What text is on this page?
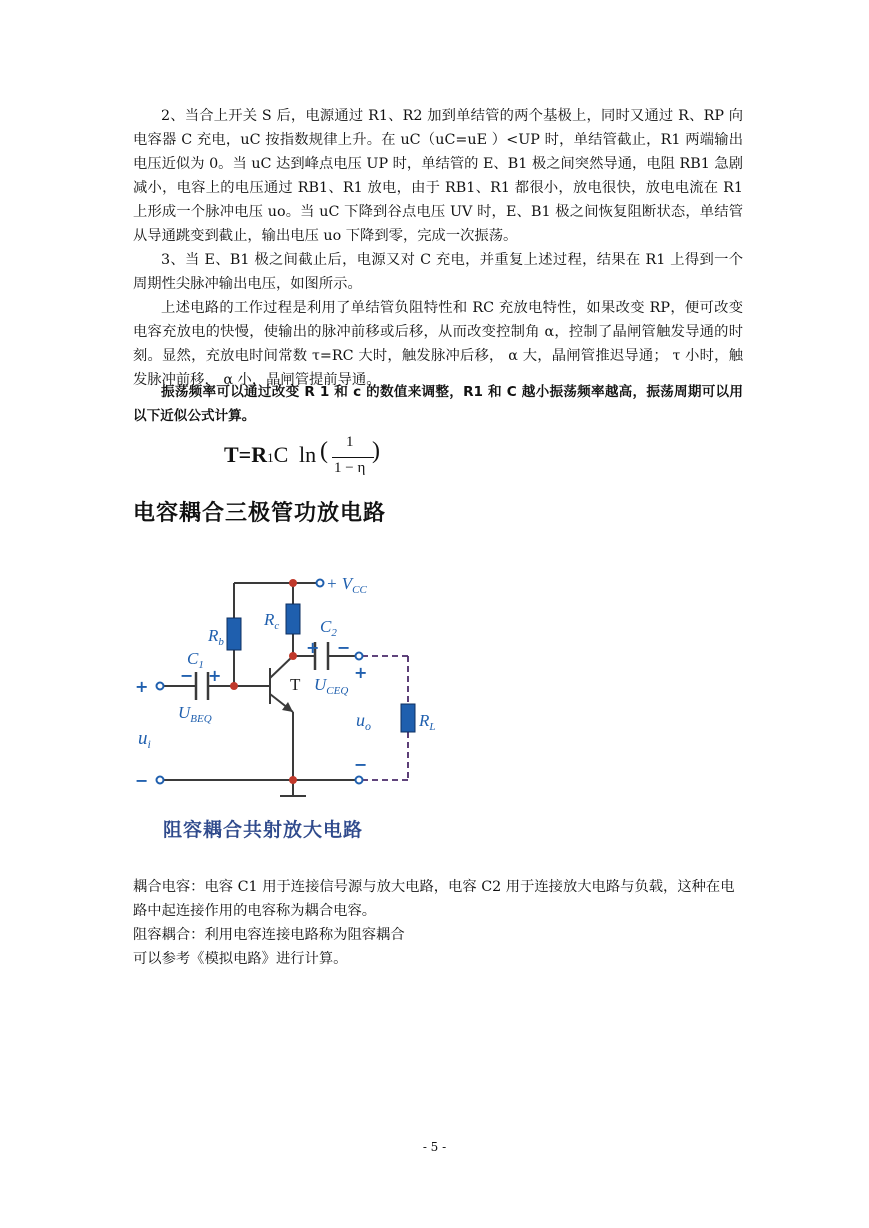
2、当合上开关 S 后，电源通过 R1、R2 加到单结管的两个基极上，同时又通过 R、RP 向电容器 C 充电，uC 按指数规律上升。在 uC（uC=uE ）<UP 时，单结管截止，R1 两端输出电压近似为 0。当 uC 达到峰点电压 UP 时，单结管的 E、B1 极之间突然导通，电阻 RB1 急剧减小，电容上的电压通过 RB1、R1 放电，由于 RB1、R1 都很小，放电很快，放电电流在 R1 上形成一个脉冲电压 uo。当 uC 下降到谷点电压 UV 时，E、B1 极之间恢复阻断状态，单结管从导通跳变到截止，输出电压 uo 下降到零，完成一次振荡。

3、当 E、B1 极之间截止后，电源又对 C 充电，并重复上述过程，结果在 R1 上得到一个周期性尖脉冲输出电压，如图所示。

上述电路的工作过程是利用了单结管负阻特性和 RC 充放电特性，如果改变 RP，便可改变电容充放电的快慢，使输出的脉冲前移或后移，从而改变控制角 α，控制了晶闸管触发导通的时刻。显然，充放电时间常数 τ=RC 大时，触发脉冲后移， α 大，晶闸管推迟导通； τ 小时，触发脉冲前移， α 小，晶闸管提前导通。

振荡频率可以通过改变 R 1 和 c 的数值来调整，R1 和 C 越小振荡频率越高，振荡周期可以用以下近似公式计算。

T=R1C ln ( 1
1 − η
)
电容耦合三极管功放电路
+ $V_{CC}$
$R_b$
$R_c$ $C_2$
$C_1$
$U_{BEQ}$
$U_{CEQ}$
$R_L$
$u_i$
$u_o$
T
+
−
− +
+ −
+
−

阻容耦合共射放大电路

耦合电容：电容 C1 用于连接信号源与放大电路，电容 C2 用于连接放大电路与负载，这种在电路中起连接作用的电容称为耦合电容。

阻容耦合：利用电容连接电路称为阻容耦合

可以参考《模拟电路》进行计算。

- 5 -
